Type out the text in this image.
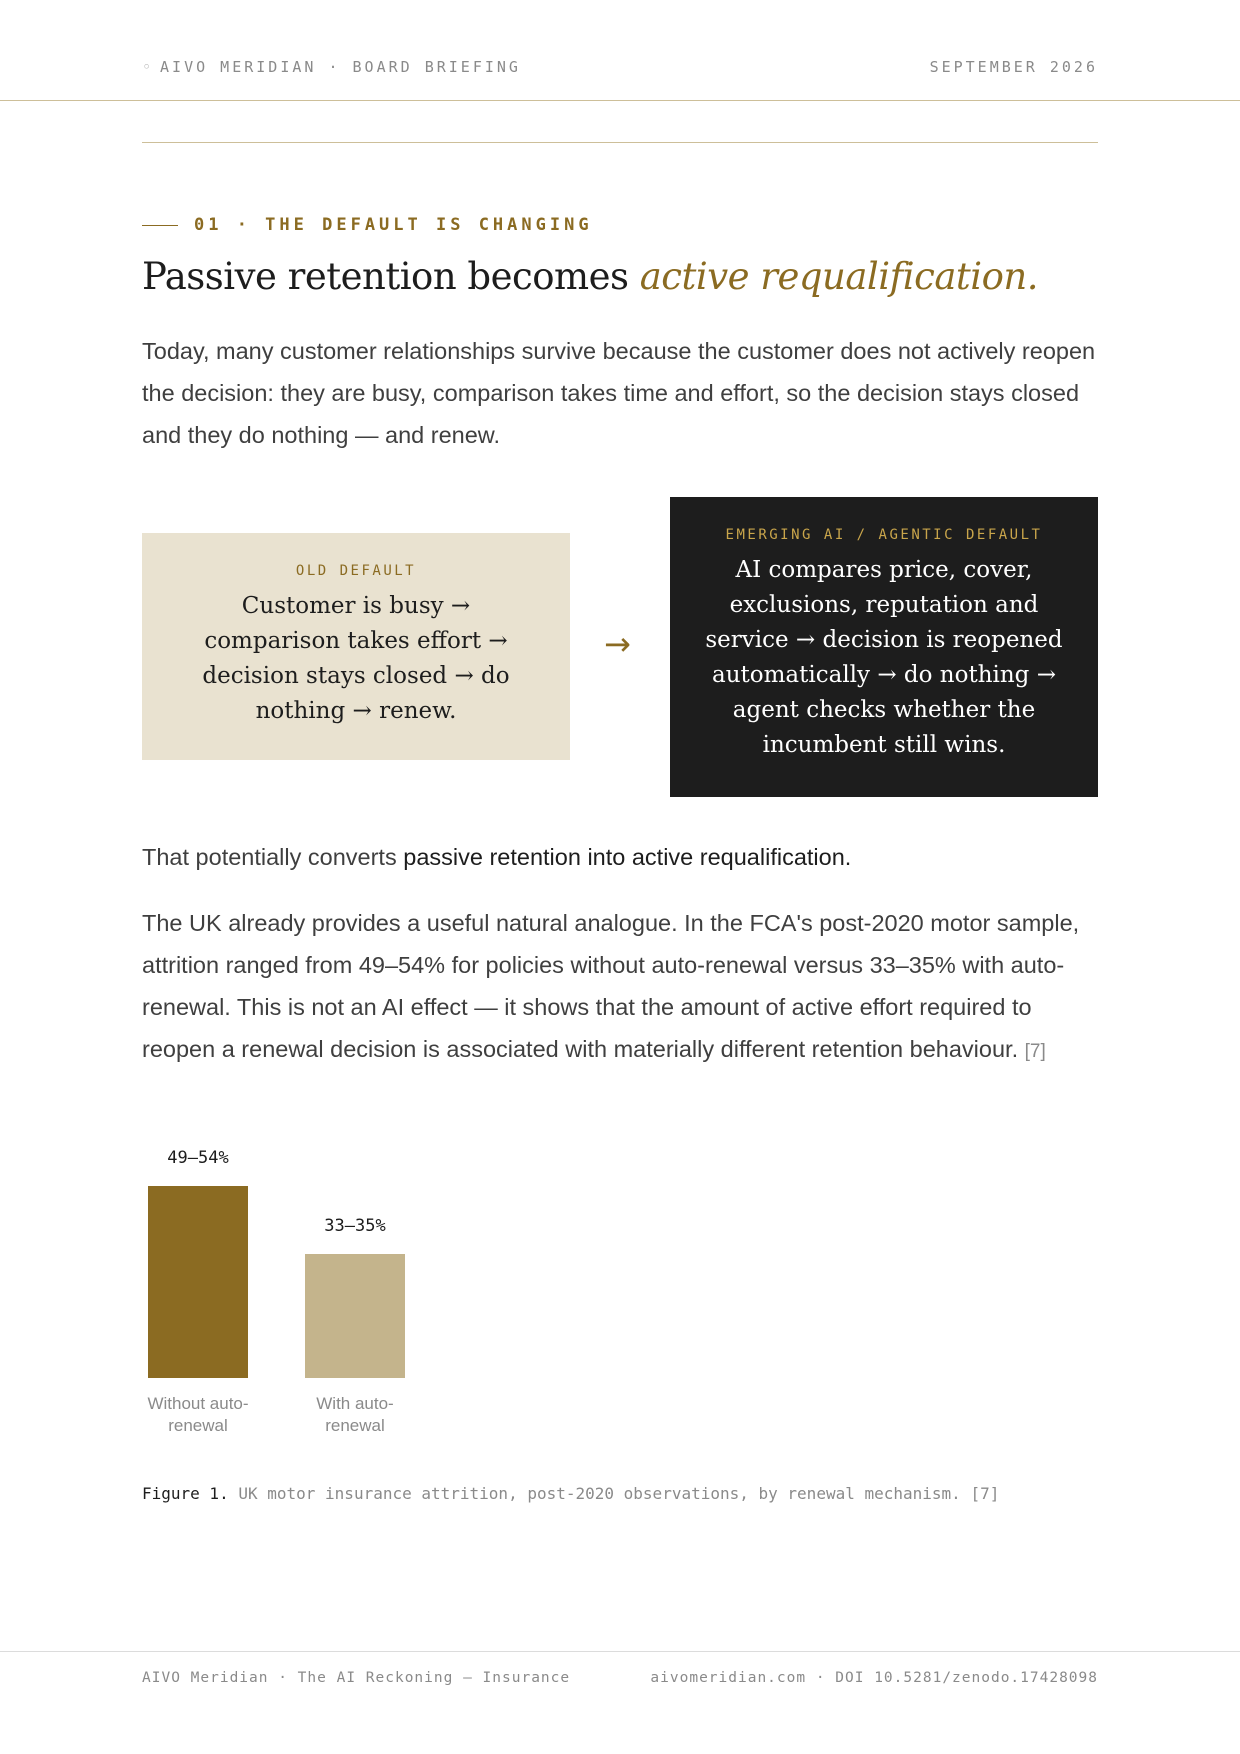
◦ AIVO MERIDIAN · BOARD BRIEFING	SEPTEMBER 2026
01 · THE DEFAULT IS CHANGING
Passive retention becomes active requalification.

Today, many customer relationships survive because the customer does not actively reopen the decision: they are busy, comparison takes time and effort, so the decision stays closed and they do nothing — and renew.

OLD DEFAULT
Customer is busy → comparison takes effort → decision stays closed → do nothing → renew.
→
EMERGING AI / AGENTIC DEFAULT
AI compares price, cover, exclusions, reputation and service → decision is reopened automatically → do nothing → agent checks whether the incumbent still wins.

That potentially converts passive retention into active requalification.

The UK already provides a useful natural analogue. In the FCA's post-2020 motor sample, attrition ranged from 49–54% for policies without auto-renewal versus 33–35% with auto-renewal. This is not an AI effect — it shows that the amount of active effort required to reopen a renewal decision is associated with materially different retention behaviour. [7]

49–54%
Without auto-renewal
33–35%
With auto-renewal
Figure 1. UK motor insurance attrition, post-2020 observations, by renewal mechanism. [7]
AIVO Meridian · The AI Reckoning — Insurance	aivomeridian.com · DOI 10.5281/zenodo.17428098
